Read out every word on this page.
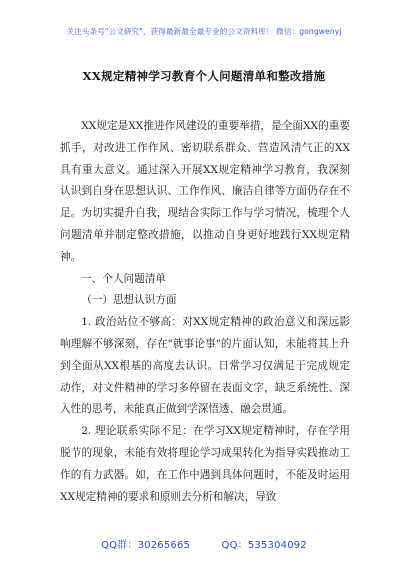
关注头条号"公文研究"，获得最新最全最专业的公文资料库！ 微信：gongwenyj
XX规定精神学习教育个人问题清单和整改措施

XX规定是XX推进作风建设的重要举措，是全面XX的重要抓手，对改进工作作风、密切联系群众、营造风清气正的XX具有重大意义。通过深入开展XX规定精神学习教育，我深刻认识到自身在思想认识、工作作风、廉洁自律等方面仍存在不足。为切实提升自我，现结合实际工作与学习情况，梳理个人问题清单并制定整改措施，以推动自身更好地践行XX规定精神。

一、个人问题清单

（一）思想认识方面

1. 政治站位不够高：对XX规定精神的政治意义和深远影响理解不够深刻，存在"就事论事"的片面认知，未能将其上升到全面从XX根基的高度去认识。日常学习仅满足于完成规定动作，对文件精神的学习多停留在表面文字，缺乏系统性、深入性的思考，未能真正做到学深悟透、融会贯通。

2. 理论联系实际不足：在学习XX规定精神时，存在学用脱节的现象，未能有效将理论学习成果转化为指导实践推动工作的有力武器。如，在工作中遇到具体问题时，不能及时运用XX规定精神的要求和原则去分析和解决，导致

QQ群：30265665	QQ：535304092
